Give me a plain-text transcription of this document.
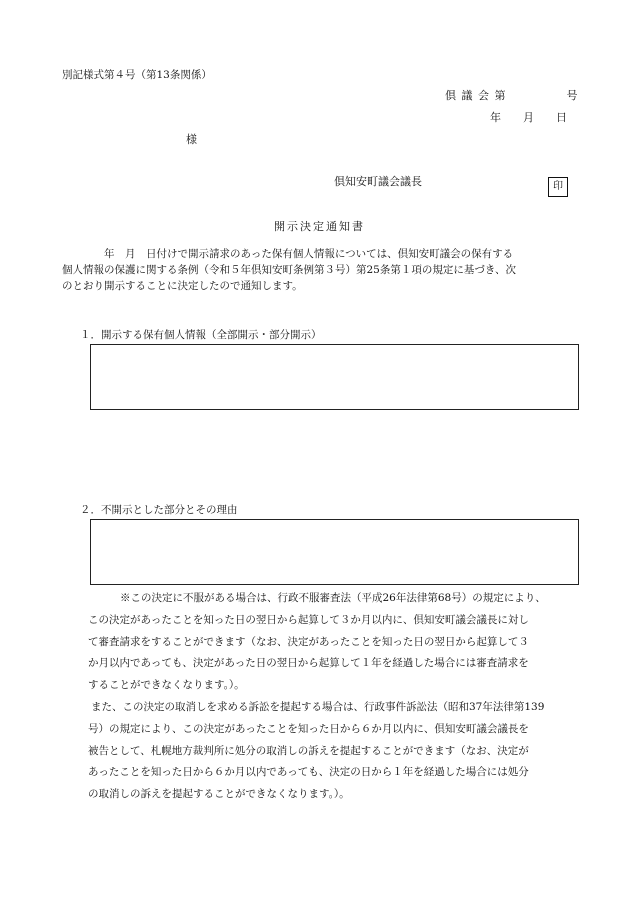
別記様式第４号（第13条関係）
倶 議 会 第　　　　　号
年　　月　　日
様
倶知安町議会議長	印
開示決定通知書

　　　　年　月　日付けで開示請求のあった保有個人情報については、倶知安町議会の保有する

個人情報の保護に関する条例（令和５年倶知安町条例第３号）第25条第１項の規定に基づき、次

のとおり開示することに決定したので通知します。

１．開示する保有個人情報（全部開示・部分開示）
２．不開示とした部分とその理由

※この決定に不服がある場合は、行政不服審査法（平成26年法律第68号）の規定により、

この決定があったことを知った日の翌日から起算して３か月以内に、倶知安町議会議長に対し

て審査請求をすることができます（なお、決定があったことを知った日の翌日から起算して３

か月以内であっても、決定があった日の翌日から起算して１年を経過した場合には審査請求を

することができなくなります。）。

また、この決定の取消しを求める訴訟を提起する場合は、行政事件訴訟法（昭和37年法律第139

号）の規定により、この決定があったことを知った日から６か月以内に、倶知安町議会議長を

被告として、札幌地方裁判所に処分の取消しの訴えを提起することができます（なお、決定が

あったことを知った日から６か月以内であっても、決定の日から１年を経過した場合には処分

の取消しの訴えを提起することができなくなります。）。
